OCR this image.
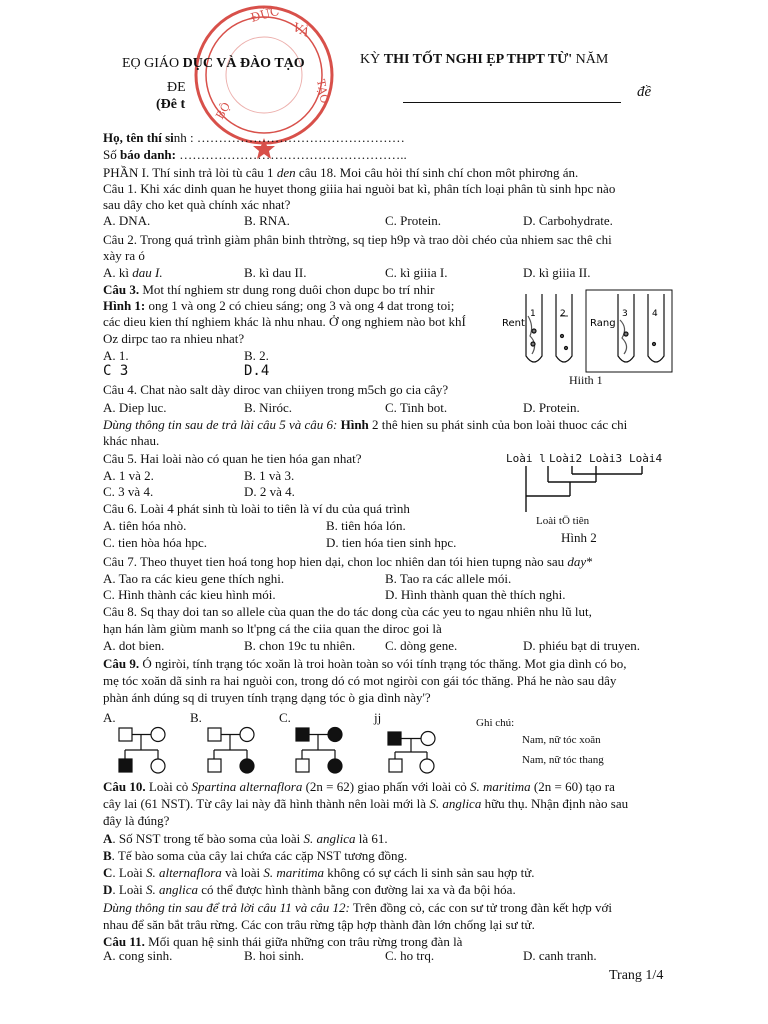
ĐỨC
VÀ
TẠO
BỘ
EỌ GIÁO DỤC VÀ ĐÀO TẠO	KỲ THI TỐT NGHI ẸP THPT TỪ' NĂM
ĐE
(Đê t
đề
Họ, tên thí sinh : …………………………………………
Số báo danh: ……………………………………………..
PHẦN I. Thí sinh trả lòi tù câu 1 den câu 18. Moi câu hỏi thí sinh chí chon môt phirơng án.
Câu 1. Khi xác dinh quan he huyet thong giiia hai nguòi bat kì, phân tích loại phân tù sinh hpc nào
sau dây cho ket quà chính xác nhat?
A. DNA.	B. RNA.	C. Protein.	D. Carbohydrate.
Câu 2. Trong quá trình giàm phân binh thtrờng, sq tiep h9p và trao dòi chéo của nhiem sac thê chi
xày ra ó
A. kì dau I.	B. kì dau II.	C. kì giiia I.	D. kì giiia II.
Câu 3. Mot thí nghiem str dung rong duôi chon dupc bo trí nhir
Hình 1: ong 1 và ong 2 có chieu sáng; ong 3 và ong 4 dat trong toi;
các dieu kien thí nghiem khác là nhu nhau. Ở ong nghiem nào bot khÍ
Oz dirpc tao ra nhieu nhat?
A. 1.	B. 2.
C 3	D.4
1	2	3	4
Rent	Rang
Hiith 1
Câu 4. Chat nào salt dày diroc van chiiyen trong m5ch go cia cây?
A. Diep luc.	B. Niróc.	C. Tinh bot.	D. Protein.
Dùng thông tin sau de trả lài câu 5 và câu 6: Hình 2 thê hien su phát sinh của bon loài thuoc các chi
khác nhau.
Câu 5. Hai loài nào có quan he tien hóa gan nhat?
A. 1 và 2.	B. 1 và 3.
C. 3 và 4.	D. 2 và 4.
Loài l Loài2 Loài3 Loài4
Loài tÖ tiên
Hình 2
Câu 6. Loài 4 phát sinh tù loài to tiên là ví du của quá trình
A. tiên hóa nhò.	B. tiên hóa lón.
C. tien hòa hóa hpc.	D. tien hóa tien sinh hpc.
Câu 7. Theo thuyet tien hoá tong hop hien dại, chon loc nhiên dan tói hien tupng nào sau day*
A. Tao ra các kieu gene thích nghi.	B. Tao ra các allele mói.
C. Hình thành các kieu hình mói.	D. Hình thành quan thè thích nghi.
Câu 8. Sq thay doi tan so allele cùa quan the do tác dong cùa các yeu to ngau nhiên nhu lũ lut,
hạn hán làm giùm manh so lt'png cá the ciia quan the diroc goi là
A. dot bien.	B. chon 19c tu nhiên. C. dòng gene.	D. phiéu bạt di truyen.
Câu 9. Ó ngiròi, tính trạng tóc xoăn là troi hoàn toàn so vói tính trạng tóc thăng. Mot gia dình có bo,
mẹ tóc xoăn dã sinh ra hai nguòi con, trong dó có mot ngiròi con gái tóc thăng. Phá he nào sau dây
phàn ánh dúng sq di truyen tính trạng dạng tóc ò gia dình này'?
A.	B.	C.	jj	Ghi chú:
Nam, nữ tóc xoăn
Nam, nữ tóc thang
Câu 10. Loài cỏ Spartina alternaflora (2n = 62) giao phấn với loài cỏ S. maritima (2n = 60) tạo ra
cây lai (61 NST). Từ cây lai này đã hình thành nên loài mới là S. anglica hữu thụ. Nhận định nào sau
đây là đúng?
A. Số NST trong tế bào soma của loài S. anglica là 61.
B. Tế bào soma của cây lai chứa các cặp NST tương đồng.
C. Loài S. alternaflora và loài S. maritima không có sự cách li sinh sản sau hợp tử.
D. Loài S. anglica có thể được hình thành bằng con đường lai xa và đa bội hóa.
Dùng thông tin sau để trả lời câu 11 và câu 12: Trên đồng cỏ, các con sư tử trong đàn kết hợp với
nhau để săn bắt trâu rừng. Các con trâu rừng tập hợp thành đàn lớn chống lại sư tử.
Câu 11. Mối quan hệ sinh thái giữa những con trâu rừng trong đàn là
A. cong sinh.	B. hoi sinh.	C. ho trq.	D. canh tranh.
Trang 1/4
